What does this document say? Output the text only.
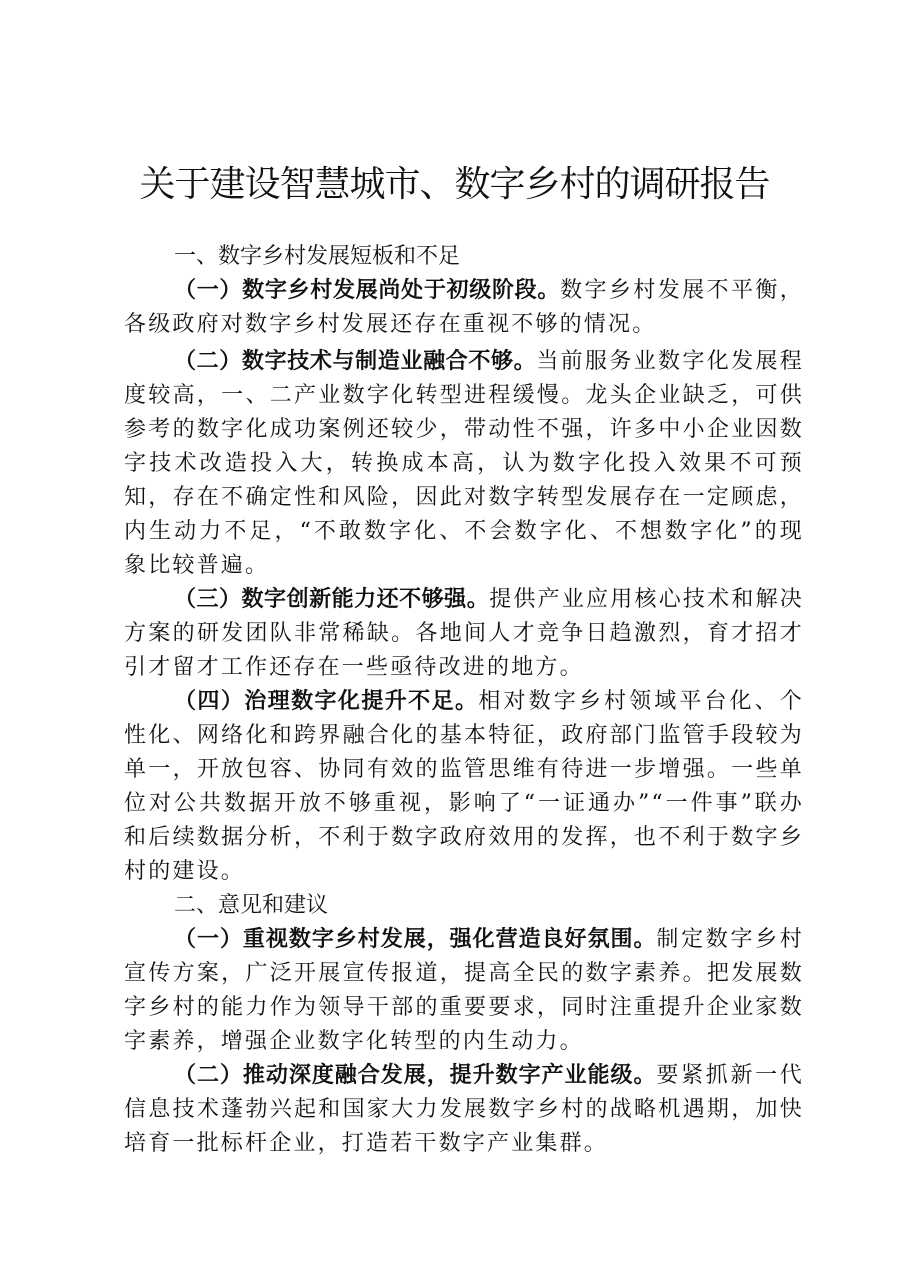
关于建设智慧城市、数字乡村的调研报告

一、数字乡村发展短板和不足

（一）数字乡村发展尚处于初级阶段。数字乡村发展不平衡，各级政府对数字乡村发展还存在重视不够的情况。

（二）数字技术与制造业融合不够。当前服务业数字化发展程度较高，一、二产业数字化转型进程缓慢。龙头企业缺乏，可供参考的数字化成功案例还较少，带动性不强，许多中小企业因数字技术改造投入大，转换成本高，认为数字化投入效果不可预知，存在不确定性和风险，因此对数字转型发展存在一定顾虑，内生动力不足，“不敢数字化、不会数字化、不想数字化”的现象比较普遍。

（三）数字创新能力还不够强。提供产业应用核心技术和解决方案的研发团队非常稀缺。各地间人才竞争日趋激烈，育才招才引才留才工作还存在一些亟待改进的地方。

（四）治理数字化提升不足。相对数字乡村领域平台化、个性化、网络化和跨界融合化的基本特征，政府部门监管手段较为单一，开放包容、协同有效的监管思维有待进一步增强。一些单位对公共数据开放不够重视，影响了“一证通办”“一件事”联办和后续数据分析，不利于数字政府效用的发挥，也不利于数字乡村的建设。

二、意见和建议

（一）重视数字乡村发展，强化营造良好氛围。制定数字乡村宣传方案，广泛开展宣传报道，提高全民的数字素养。把发展数字乡村的能力作为领导干部的重要要求，同时注重提升企业家数字素养，增强企业数字化转型的内生动力。

（二）推动深度融合发展，提升数字产业能级。要紧抓新一代信息技术蓬勃兴起和国家大力发展数字乡村的战略机遇期，加快培育一批标杆企业，打造若干数字产业集群。
